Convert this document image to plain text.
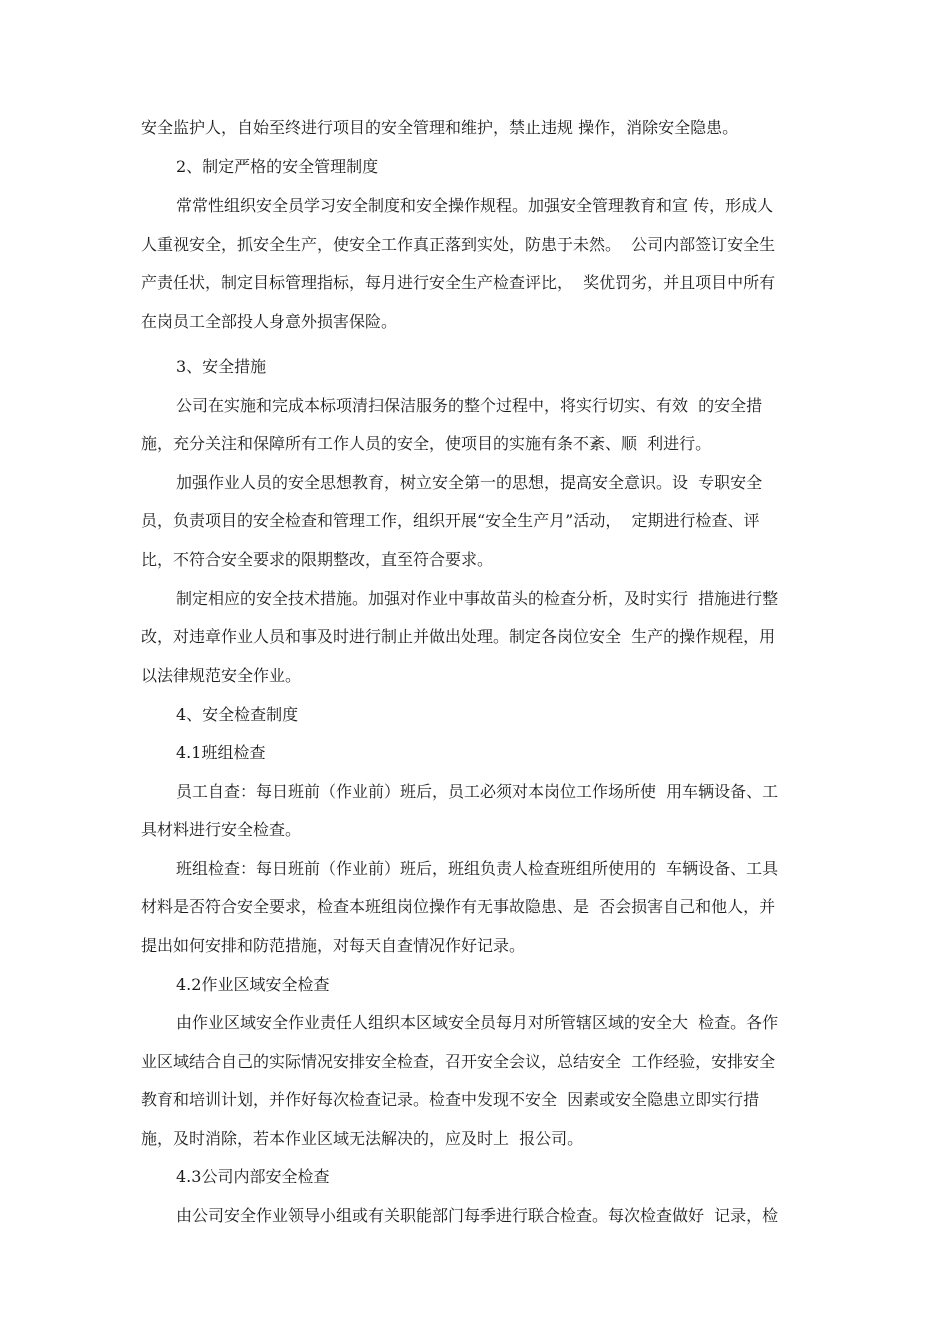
安全监护人，自始至终进行项目的安全管理和维护，禁止违规 操作，消除安全隐患。
2、制定严格的安全管理制度
常常性组织安全员学习安全制度和安全操作规程。加强安全管理教育和宣 传，形成人
人重视安全，抓安全生产，使安全工作真正落到实处，防患于未然。  公司内部签订安全生
产责任状，制定目标管理指标，每月进行安全生产检查评比，  奖优罚劣，并且项目中所有
在岗员工全部投人身意外损害保险。
3、安全措施
公司在实施和完成本标项清扫保洁服务的整个过程中，将实行切实、有效  的安全措
施，充分关注和保障所有工作人员的安全，使项目的实施有条不紊、顺  利进行。
加强作业人员的安全思想教育，树立安全第一的思想，提高安全意识。设  专职安全
员，负责项目的安全检查和管理工作，组织开展“安全生产月”活动，  定期进行检查、评
比，不符合安全要求的限期整改，直至符合要求。
制定相应的安全技术措施。加强对作业中事故苗头的检查分析，及时实行  措施进行整
改，对违章作业人员和事及时进行制止并做出处理。制定各岗位安全  生产的操作规程，用
以法律规范安全作业。
4、安全检查制度
4.1班组检查
员工自查：每日班前（作业前）班后，员工必须对本岗位工作场所使  用车辆设备、工
具材料进行安全检查。
班组检查：每日班前（作业前）班后，班组负责人检查班组所使用的  车辆设备、工具
材料是否符合安全要求，检查本班组岗位操作有无事故隐患、是  否会损害自己和他人，并
提出如何安排和防范措施，对每天自查情况作好记录。
4.2作业区域安全检查
由作业区域安全作业责任人组织本区域安全员每月对所管辖区域的安全大  检查。各作
业区域结合自己的实际情况安排安全检查，召开安全会议，总结安全  工作经验，安排安全
教育和培训计划，并作好每次检查记录。检查中发现不安全  因素或安全隐患立即实行措
施，及时消除，若本作业区域无法解决的，应及时上  报公司。
4.3公司内部安全检查
由公司安全作业领导小组或有关职能部门每季进行联合检查。每次检查做好  记录，检
